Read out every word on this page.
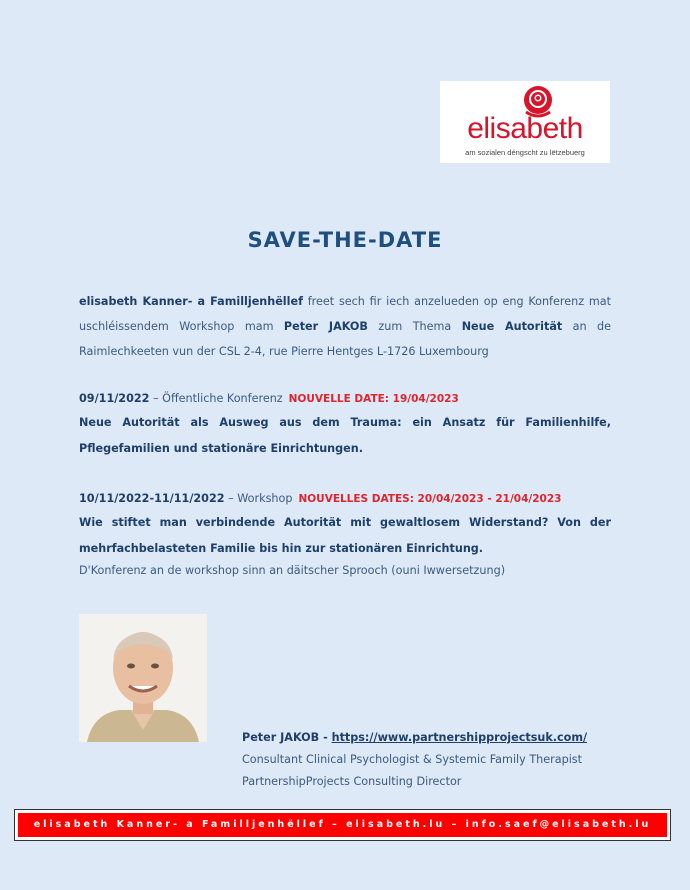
elisabeth
am sozialen déngscht zu lëtzebuerg
SAVE-THE-DATE
elisabeth Kanner- a Familljenhëllef freet sech fir iech anzelueden op eng Konferenz mat uschléissendem Workshop mam Peter JAKOB zum Thema Neue Autorität an de Raimlechkeeten vun der CSL 2-4, rue Pierre Hentges L-1726 Luxembourg
09/11/2022 – Öffentliche Konferenz NOUVELLE DATE: 19/04/2023
Neue Autorität als Ausweg aus dem Trauma: ein Ansatz für Familienhilfe, Pflegefamilien und stationäre Einrichtungen.
10/11/2022-11/11/2022 – Workshop NOUVELLES DATES: 20/04/2023 - 21/04/2023
Wie stiftet man verbindende Autorität mit gewaltlosem Widerstand? Von der mehrfachbelasteten Familie bis hin zur stationären Einrichtung.
D'Konferenz an de workshop sinn an däitscher Sprooch (ouni Iwwersetzung)
Peter JAKOB - https://www.partnershipprojectsuk.com/
Consultant Clinical Psychologist & Systemic Family Therapist
PartnershipProjects Consulting Director
elisabeth Kanner- a Familljenhëllef – elisabeth.lu – info.saef@elisabeth.lu
